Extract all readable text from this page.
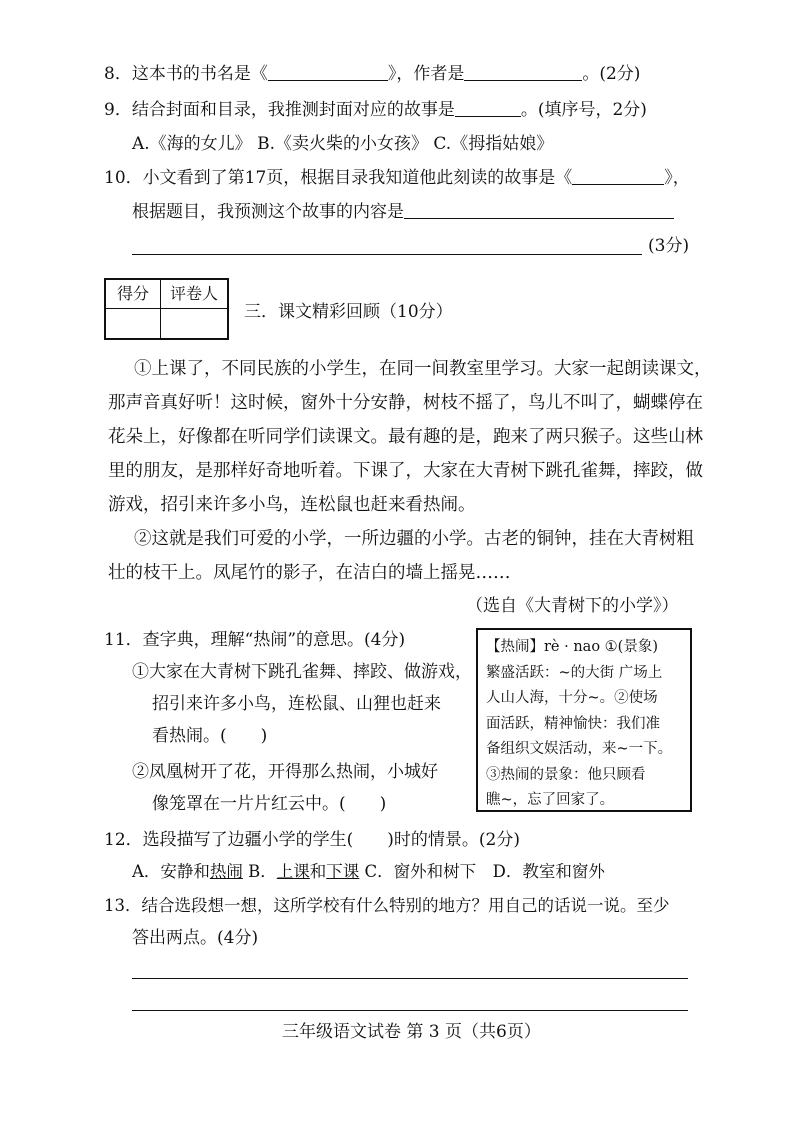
8．这本书的书名是《	》，作者是	。(2分)
9．结合封面和目录，我推测封面对应的故事是	。(填序号，2分)
A.《海的女儿》 B.《卖火柴的小女孩》 C.《拇指姑娘》
10．小文看到了第17页，根据目录我知道他此刻读的故事是《	》，
根据题目，我预测这个故事的内容是
(3分)
得分	评卷人
三．课文精彩回顾（10分）
①上课了，不同民族的小学生，在同一间教室里学习。大家一起朗读课文，
那声音真好听！这时候，窗外十分安静，树枝不摇了，鸟儿不叫了，蝴蝶停在
花朵上，好像都在听同学们读课文。最有趣的是，跑来了两只猴子。这些山林
里的朋友，是那样好奇地听着。下课了，大家在大青树下跳孔雀舞，摔跤，做
游戏，招引来许多小鸟，连松鼠也赶来看热闹。
②这就是我们可爱的小学，一所边疆的小学。古老的铜钟，挂在大青树粗
壮的枝干上。凤尾竹的影子，在洁白的墙上摇晃……
（选自《大青树下的小学》）
11．查字典，理解“热闹”的意思。(4分)
①大家在大青树下跳孔雀舞、摔跤、做游戏，
招引来许多小鸟，连松鼠、山狸也赶来
看热闹。(　　)
②凤凰树开了花，开得那么热闹，小城好
像笼罩在一片片红云中。(　　)
【热闹】rè · nao ①(景象)
繁盛活跃：~的大街 广场上
人山人海，十分~。②使场
面活跃，精神愉快：我们准
备组织文娱活动，来~一下。
③热闹的景象：他只顾看
瞧~，忘了回家了。
12．选段描写了边疆小学的学生(　　)时的情景。(2分)
A．安静和热闹 B．上课和下课 C．窗外和树下　D．教室和窗外
13．结合选段想一想，这所学校有什么特别的地方？用自己的话说一说。至少
答出两点。(4分)
三年级语文试卷 第 3 页（共6页）
